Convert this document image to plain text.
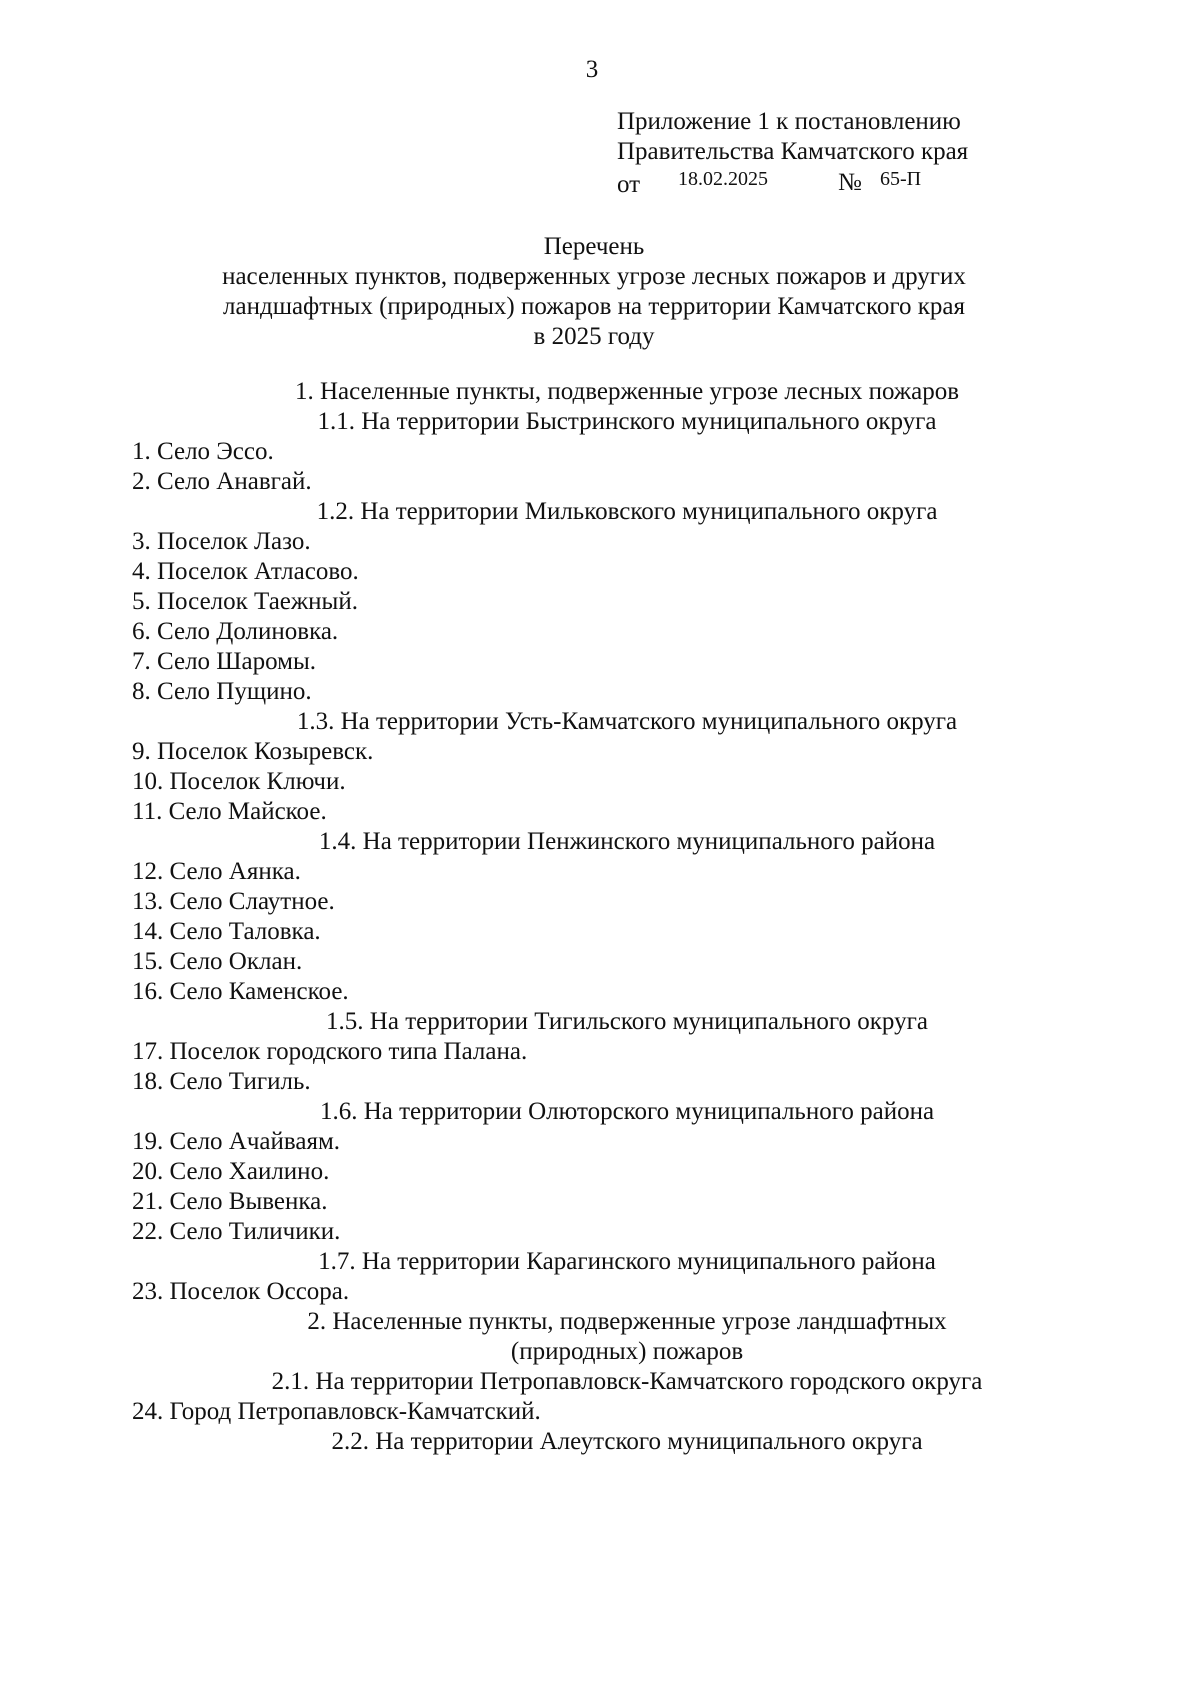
3
Приложение 1 к постановлению
Правительства Камчатского края
от 18.02.2025	№ 65-П
Перечень
населенных пунктов, подверженных угрозе лесных пожаров и других
ландшафтных (природных) пожаров на территории Камчатского края
в 2025 году
1. Населенные пункты, подверженные угрозе лесных пожаров
1.1. На территории Быстринского муниципального округа
1. Село Эссо.
2. Село Анавгай.
1.2. На территории Мильковского муниципального округа
3. Поселок Лазо.
4. Поселок Атласово.
5. Поселок Таежный.
6. Село Долиновка.
7. Село Шаромы.
8. Село Пущино.
1.3. На территории Усть-Камчатского муниципального округа
9. Поселок Козыревск.
10. Поселок Ключи.
11. Село Майское.
1.4. На территории Пенжинского муниципального района
12. Село Аянка.
13. Село Слаутное.
14. Село Таловка.
15. Село Оклан.
16. Село Каменское.
1.5. На территории Тигильского муниципального округа
17. Поселок городского типа Палана.
18. Село Тигиль.
1.6. На территории Олюторского муниципального района
19. Село Ачайваям.
20. Село Хаилино.
21. Село Вывенка.
22. Село Тиличики.
1.7. На территории Карагинского муниципального района
23. Поселок Оссора.
2. Населенные пункты, подверженные угрозе ландшафтных
(природных) пожаров
2.1. На территории Петропавловск-Камчатского городского округа
24. Город Петропавловск-Камчатский.
2.2. На территории Алеутского муниципального округа
